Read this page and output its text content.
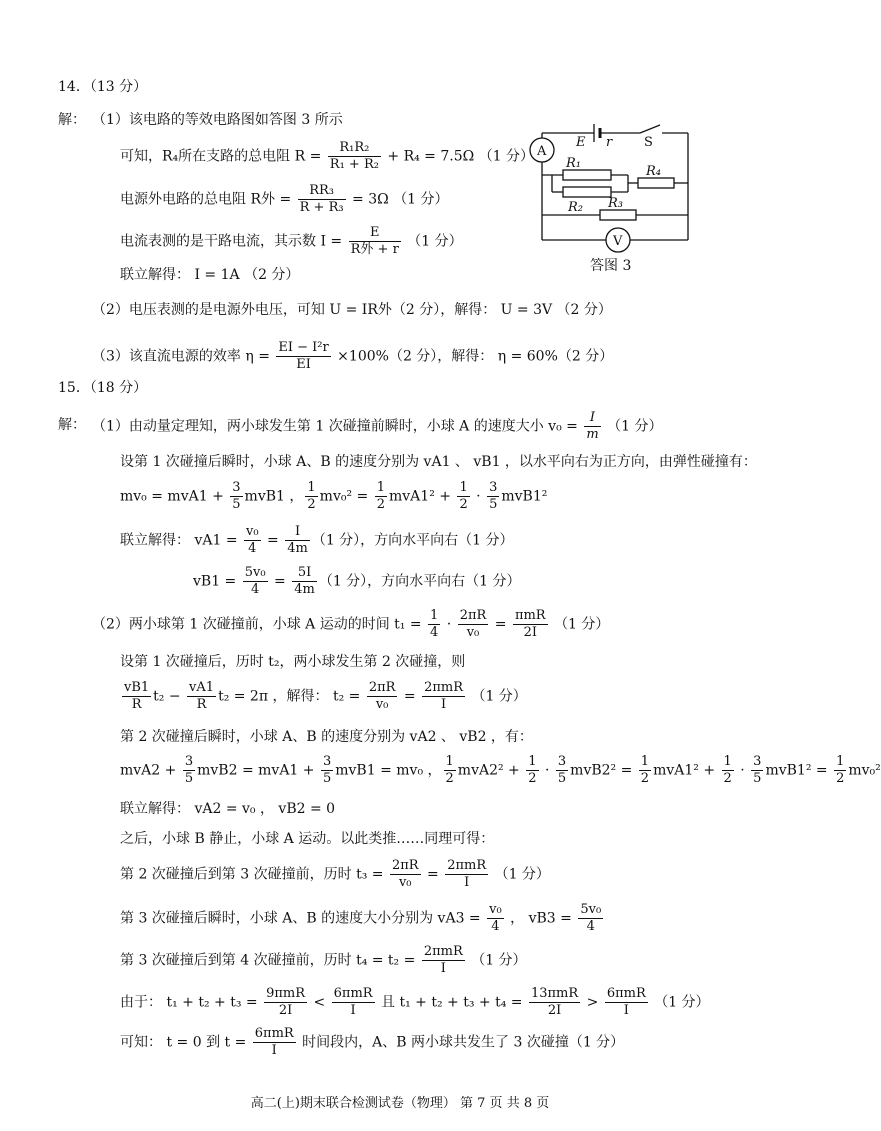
14．（13 分）
解： （1）该电路的等效电路图如答图 3 所示
可知，R₄所在支路的总电阻 $R = \frac{\text{R₁R₂}}{\text{R₁ + R₂}} + R_4 = 7.5\Omega$ （1 分）
电源外电路的总电阻 R外 = $\frac{\text{RR₃}}{\text{R + R₃}} = 3\Omega$ （1 分）
电流表测的是干路电流，其示数 $I = \frac{E}{\text{R外 + r}} (1$ 分）
联立解得： I = 1A （2 分）
（2）电压表测的是电源外电压，可知 U = IR外（2 分），解得： U = 3V （2 分）
（3）该直流电源的效率 $\eta = \frac{\text{EI − I²r}}{EI} \times 100\%(2$ 分），解得： η = 60%（2 分）
E r S
A
V
R₁
R₄
R₂ R₃
答图 3
15．（18 分）
解： （1）由动量定理知，两小球发生第 1 次碰撞前瞬时，小球 A 的速度大小 $v_0 = \frac{I}{m} (1$ 分）
设第 1 次碰撞后瞬时，小球 A、B 的速度分别为 vA1 、 vB1 ，以水平向右为正方向，由弹性碰撞有：
$mv_0 = mvA1 + \frac{3}{5} mvB1$ ， $\frac{1}{2} mv_0^2 = \frac{1}{2} mvA1^2 + \frac{1}{2} \cdot \frac{3}{5} mvB1^2$
联立解得： $vA1 = \frac{\text{v₀}}{4} = \frac{I}{4m} (1$ 分），方向水平向右（1 分）
$vB1 = \frac{\text{5v₀}}{4} = \frac{5I}{4m} (1$ 分），方向水平向右（1 分）
（2）两小球第 1 次碰撞前，小球 A 运动的时间 $t_1 = \frac{1}{4} \cdot \frac{2\pi R}{\text{v₀}} = \frac{\text{πmR}}{2I} (1$ 分）
设第 1 次碰撞后，历时 t₂，两小球发生第 2 次碰撞，则
$\frac{vB1}{R} t_2 - \frac{vA1}{R} t_2 = 2\pi$ ，解得： $t_2 = \frac{2\pi R}{\text{v₀}} = \frac{\text{2πmR}}{I} (1$ 分）
第 2 次碰撞后瞬时，小球 A、B 的速度分别为 vA2 、 vB2 ，有：
$mvA2 + \frac{3}{5} mvB2 = mvA1 + \frac{3}{5} mvB1 = mv_0$ ， $\frac{1}{2} mvA2^2 + \frac{1}{2} \cdot \frac{3}{5} mvB2^2 = \frac{1}{2} mvA1^2 + \frac{1}{2} \cdot \frac{3}{5} mvB1^2 = \frac{1}{2} mv_0^2$
联立解得： vA2 = v₀ ， vB2 = 0
之后，小球 B 静止，小球 A 运动。以此类推……同理可得：
第 2 次碰撞后到第 3 次碰撞前，历时 $t_3 = \frac{2\pi R}{\text{v₀}} = \frac{\text{2πmR}}{I} (1$ 分）
第 3 次碰撞后瞬时，小球 A、B 的速度大小分别为 $vA3 = \frac{\text{v₀}}{4}$ ， $vB3 = \frac{\text{5v₀}}{4}$
第 3 次碰撞后到第 4 次碰撞前，历时 $t_4 = t_2 = \frac{\text{2πmR}}{I} (1$ 分）
由于： $t_1 + t_2 + t_3 = \frac{\text{9πmR}}{2I} < \frac{\text{6πmR}}{I}$ 且 $t_1 + t_2 + t_3 + t_4 = \frac{\text{13πmR}}{2I} > \frac{\text{6πmR}}{I} (1$ 分）
可知： t = 0 到 $t = \frac{\text{6πmR}}{I}$ 时间段内，A、B 两小球共发生了 3 次碰撞（1 分）
高二(上)期末联合检测试卷（物理） 第 7 页 共 8 页
